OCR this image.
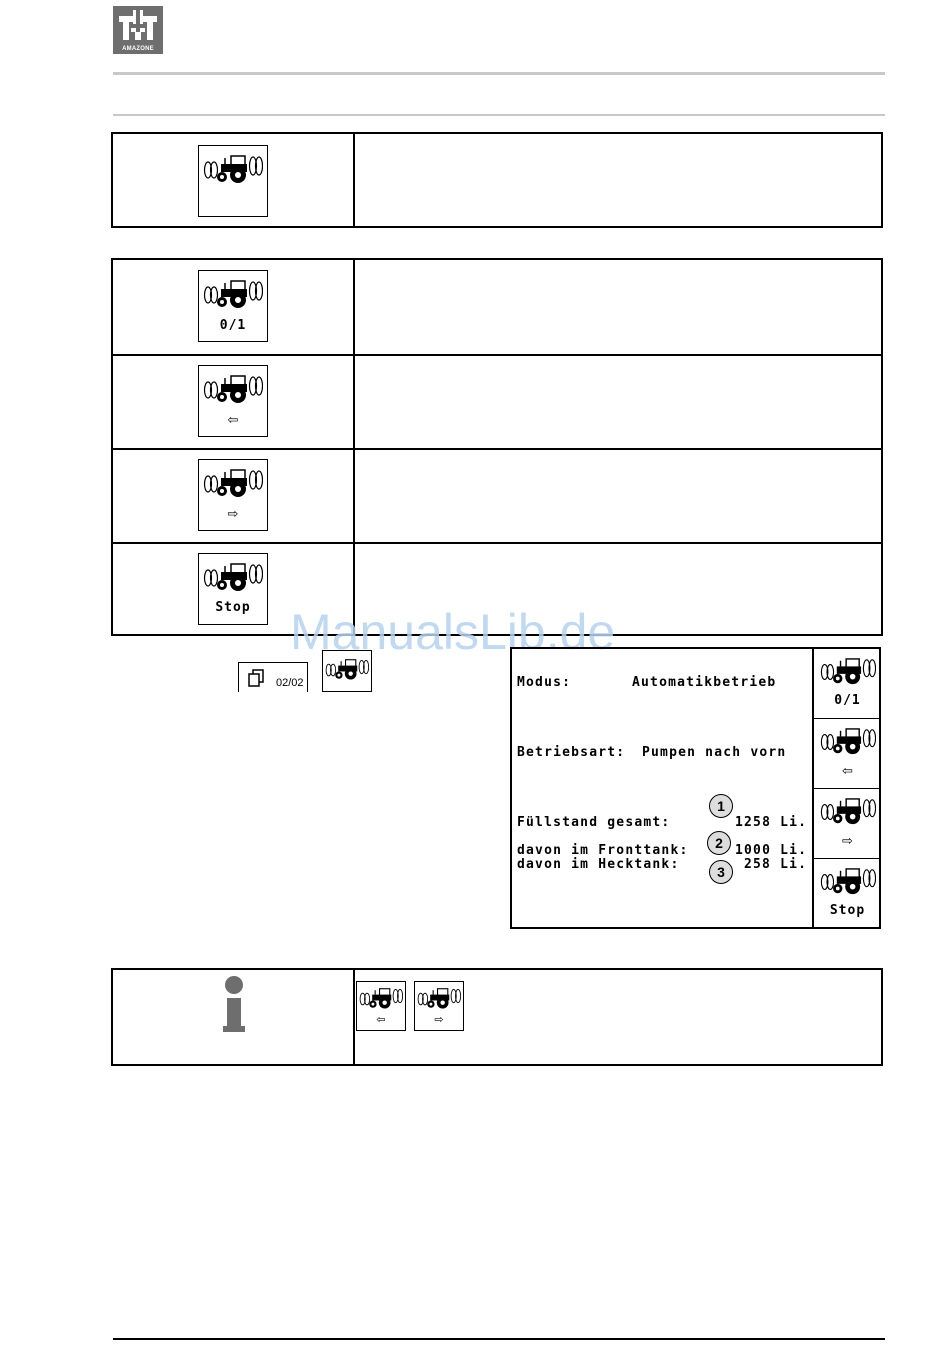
AMAZONE
0/1
⇦
⇨
Stop
02/02
ManualsLib.de
Modus:	Automatikbetrieb
Betriebsart: Pumpen nach vorn
Füllstand gesamt:	1258 Li.
davon im Fronttank:	1000 Li.
davon im Hecktank:	258 Li.
1
2
3
0/1
⇦
⇨
Stop
⇦	⇨
